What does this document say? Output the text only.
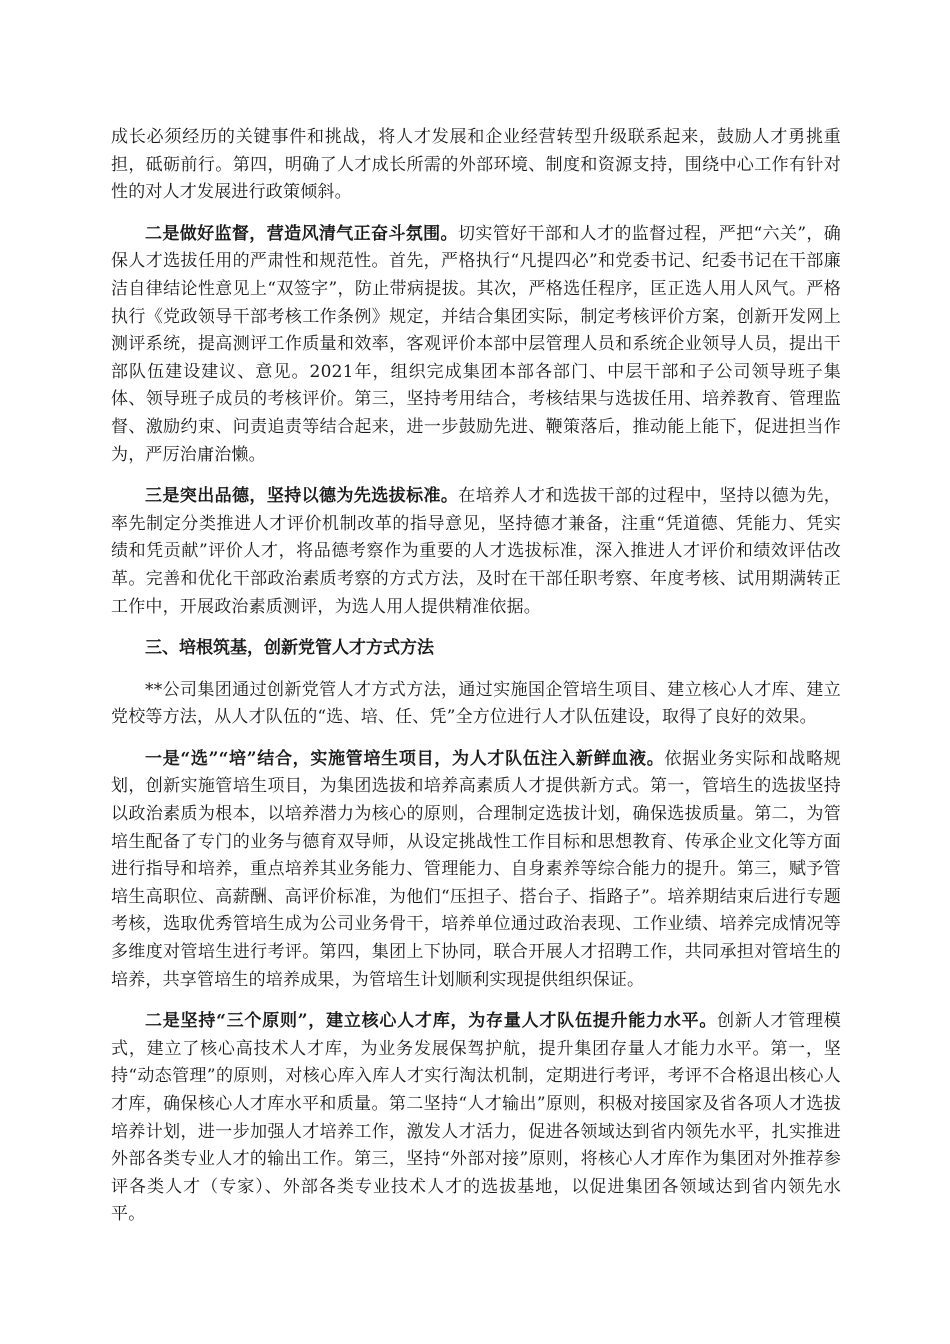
成长必须经历的关键事件和挑战，将人才发展和企业经营转型升级联系起来，鼓励人才勇挑重担，砥砺前行。第四，明确了人才成长所需的外部环境、制度和资源支持，围绕中心工作有针对性的对人才发展进行政策倾斜。

二是做好监督，营造风清气正奋斗氛围。切实管好干部和人才的监督过程，严把“六关”，确保人才选拔任用的严肃性和规范性。首先，严格执行“凡提四必”和党委书记、纪委书记在干部廉洁自律结论性意见上“双签字”，防止带病提拔。其次，严格选任程序，匡正选人用人风气。严格执行《党政领导干部考核工作条例》规定，并结合集团实际，制定考核评价方案，创新开发网上测评系统，提高测评工作质量和效率，客观评价本部中层管理人员和系统企业领导人员，提出干部队伍建设建议、意见。2021年，组织完成集团本部各部门、中层干部和子公司领导班子集体、领导班子成员的考核评价。第三，坚持考用结合，考核结果与选拔任用、培养教育、管理监督、激励约束、问责追责等结合起来，进一步鼓励先进、鞭策落后，推动能上能下，促进担当作为，严厉治庸治懒。

三是突出品德，坚持以德为先选拔标准。在培养人才和选拔干部的过程中，坚持以德为先，率先制定分类推进人才评价机制改革的指导意见，坚持德才兼备，注重“凭道德、凭能力、凭实绩和凭贡献”评价人才，将品德考察作为重要的人才选拔标准，深入推进人才评价和绩效评估改革。完善和优化干部政治素质考察的方式方法，及时在干部任职考察、年度考核、试用期满转正工作中，开展政治素质测评，为选人用人提供精准依据。

三、培根筑基，创新党管人才方式方法

**公司集团通过创新党管人才方式方法，通过实施国企管培生项目、建立核心人才库、建立党校等方法，从人才队伍的“选、培、任、凭”全方位进行人才队伍建设，取得了良好的效果。

一是“选”“培”结合，实施管培生项目，为人才队伍注入新鲜血液。依据业务实际和战略规划，创新实施管培生项目，为集团选拔和培养高素质人才提供新方式。第一，管培生的选拔坚持以政治素质为根本，以培养潜力为核心的原则，合理制定选拔计划，确保选拔质量。第二，为管培生配备了专门的业务与德育双导师，从设定挑战性工作目标和思想教育、传承企业文化等方面进行指导和培养，重点培养其业务能力、管理能力、自身素养等综合能力的提升。第三，赋予管培生高职位、高薪酬、高评价标准，为他们“压担子、搭台子、指路子”。培养期结束后进行专题考核，选取优秀管培生成为公司业务骨干，培养单位通过政治表现、工作业绩、培养完成情况等多维度对管培生进行考评。第四，集团上下协同，联合开展人才招聘工作，共同承担对管培生的培养，共享管培生的培养成果，为管培生计划顺利实现提供组织保证。

二是坚持“三个原则”，建立核心人才库，为存量人才队伍提升能力水平。创新人才管理模式，建立了核心高技术人才库，为业务发展保驾护航，提升集团存量人才能力水平。第一，坚持“动态管理”的原则，对核心库入库人才实行淘汰机制，定期进行考评，考评不合格退出核心人才库，确保核心人才库水平和质量。第二坚持“人才输出”原则，积极对接国家及省各项人才选拔培养计划，进一步加强人才培养工作，激发人才活力，促进各领域达到省内领先水平，扎实推进外部各类专业人才的输出工作。第三，坚持“外部对接”原则，将核心人才库作为集团对外推荐参评各类人才（专家）、外部各类专业技术人才的选拔基地，以促进集团各领域达到省内领先水平。
